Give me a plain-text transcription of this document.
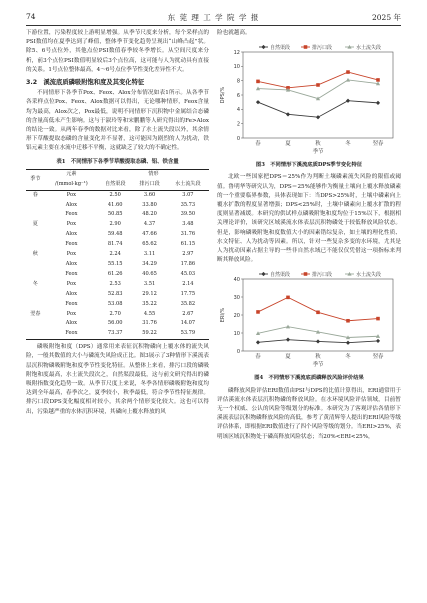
74	东 莞 理 工 学 院 学 报	2025 年

下游位置，污染程度较上游明显增强。从季节尺度来分析，每个采样点的PSI数值均在夏季达到了峰值，整体季节变化趋势呈现出“山峰凸起”状。除5、6号点位外，其他点位PSI数值春季较冬季增长。从空间尺度来分析，前3个点位PSI数值明显较后3个点位高，这可能与人为扰动具有直接的关系。1号点位整体最高，4～6号点位季节性变化差异性不大。

3.2　溪流底质磷吸附饱和度及其变化特征

不同情形下各季节Pox、Feox、Alox分布情况如表1所示。从各季节各采样点位Pox、Feox、Alox数据可以得出，无论哪种情形，Feox含量均为最高，Alox次之，Pox最低，说明不同情形下沉积物中金属结合态磷的含量高低未产生影响。这与于淑玲等和宋鹏鹏等人研究得出的Fe>Alox的结论一致。从两年春季的数据对比来看，除了水土流失段以外，其余情形下草酸提取态磷的含量变化并不显著，这可能因为剧烈的人为扰动，铁铝元素主要在水流中迁移不平衡，这就缺乏了较大的不确定性。

表1　不同情形下各季节草酸提取态磷、铝、铁含量
季节	元素	情形		
	/(mmol·kg⁻¹)	自然渠段	排污口段	水土流失段
春	Pox	2.50	3.60	3.07
	Alox	41.60	33.80	35.73
	Feox	50.85	48.20	39.50
夏	Pox	2.90	4.37	3.48
	Alox	59.48	47.66	31.76
	Feox	81.74	65.62	61.15
秋	Pox	2.24	3.11	2.97
	Alox	55.15	34.29	17.86
	Feox	61.26	40.65	45.03
冬	Pox	2.53	3.51	2.14
	Alox	52.83	29.12	17.75
	Feox	53.08	35.22	35.82
翌春	Pox	2.70	4.55	2.67
	Alox	56.00	31.76	14.07
	Feox	73.37	59.22	53.79

磷吸附饱和度（DPS）通常用来表征沉积物磷向上覆水体的流失风险，一般其数值的大小与磷流失风险成正比。图3展示了3种情形下溪流表层沉积物磷吸附饱和度季节性变化特征。从整体上来看，排污口段的磷吸附饱和度最高，水土流失段次之，自然渠段最低，这与前文研究得出的磷吸附指数变化趋势一致。从季节尺度上来说，冬季各情形磷吸附饱和度均达到全年最高，春季次之，夏季较小，秋季最低，符合季节性特征规律。排污口段DPS变化幅度相对较小，其余两个情形变化较大。这也可以得出，污染越严重的水体沉积环境，其磷向上覆水释放的风

险也就越高。

0
2
4
6
8
10
12
春	夏	秋	冬	翌春
季节
DPS/%
自然渠段	排污口段	水土流失段
图3　不同情形下溪流底质DPS季节变化特征

北欧一些国家把DPS＝25%作为判断土壤磷素流失风险的限值或阈值。鲁明华等研究认为，DPS＝25%能够作为衡量土壤向上覆水释放磷素的一个重要临界参数，具体表现如下：当DPS>25%时，土壤中磷素向上覆水扩散的程度显著增强；DPS<25%时，土壤中磷素向上覆水扩散的程度则显著减缓。本研究的供试样点磷吸附饱和度均位于15%以下，根据相关理论评价，该研究区域溪流水体表层沉积物磷处于较低释放风险状态。但是，影响磷吸附饱和度数值大小的因素错综复杂，如土壤的理化性质、水文特征、人为扰动等因素。所以，针对一些复杂多变的水环境，尤其是人为扰动因素占据主导的一些非自然水域已不能仅仅凭借这一项指标来判断其释放风险。

0
10
20
30
40
春	夏	秋	冬	翌春
季节
ERI/%
自然渠段	排污口段	水土流失段
图4　不同情形下溪流底质磷释放风险评价结果

磷释放风险评估ERI数值由PSI与DPS的比值计算得出，ERI通常用于评估溪流水体表层沉积物磷的释放风险。在水环境风险评估领域，目前暂无一个权威、公认的风险等级划分的标准。本研究为了客观评估各情形下溪流表层沉积物磷释放风险的高低，参考了黄清辉等人提出的ERI风险等级评估体系，即根据ERI数值进行了四个风险等级的划分。当ERI>25%，表明该区域沉积物处于磷高释放风险状态；当20%<ERI<25%，
